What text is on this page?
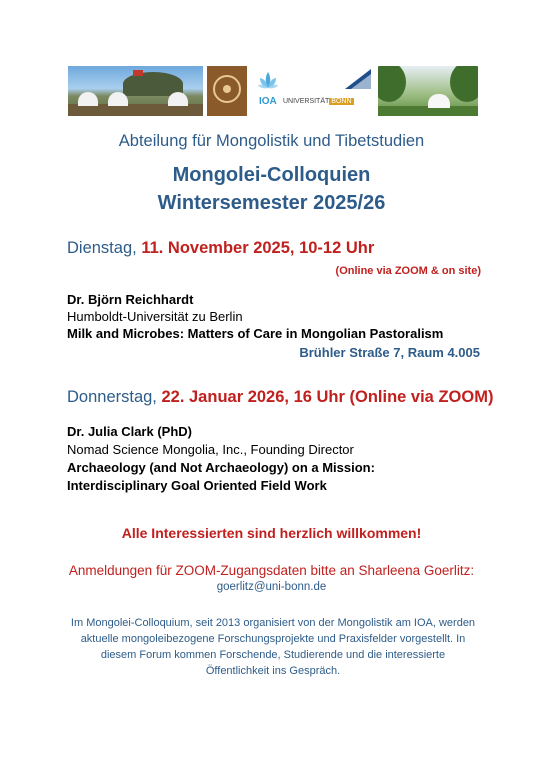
IOA UNIVERSITÄT BONN

Abteilung für Mongolistik und Tibetstudien

Mongolei-Colloquien

Wintersemester 2025/26

Dienstag, 11. November 2025, 10-12 Uhr

(Online via ZOOM & on site)

Dr. Björn Reichhardt

Humboldt-Universität zu Berlin

Milk and Microbes: Matters of Care in Mongolian Pastoralism

Brühler Straße 7, Raum 4.005

Donnerstag, 22. Januar 2026, 16 Uhr (Online via ZOOM)

Dr. Julia Clark (PhD)

Nomad Science Mongolia, Inc., Founding Director

Archaeology (and Not Archaeology) on a Mission:

Interdisciplinary Goal Oriented Field Work

Alle Interessierten sind herzlich willkommen!

Anmeldungen für ZOOM-Zugangsdaten bitte an Sharleena Goerlitz:

goerlitz@uni-bonn.de

Im Mongolei-Colloquium, seit 2013 organisiert von der Mongolistik am IOA, werden aktuelle mongoleibezogene Forschungsprojekte und Praxisfelder vorgestellt. In diesem Forum kommen Forschende, Studierende und die interessierte Öffentlichkeit ins Gespräch.
